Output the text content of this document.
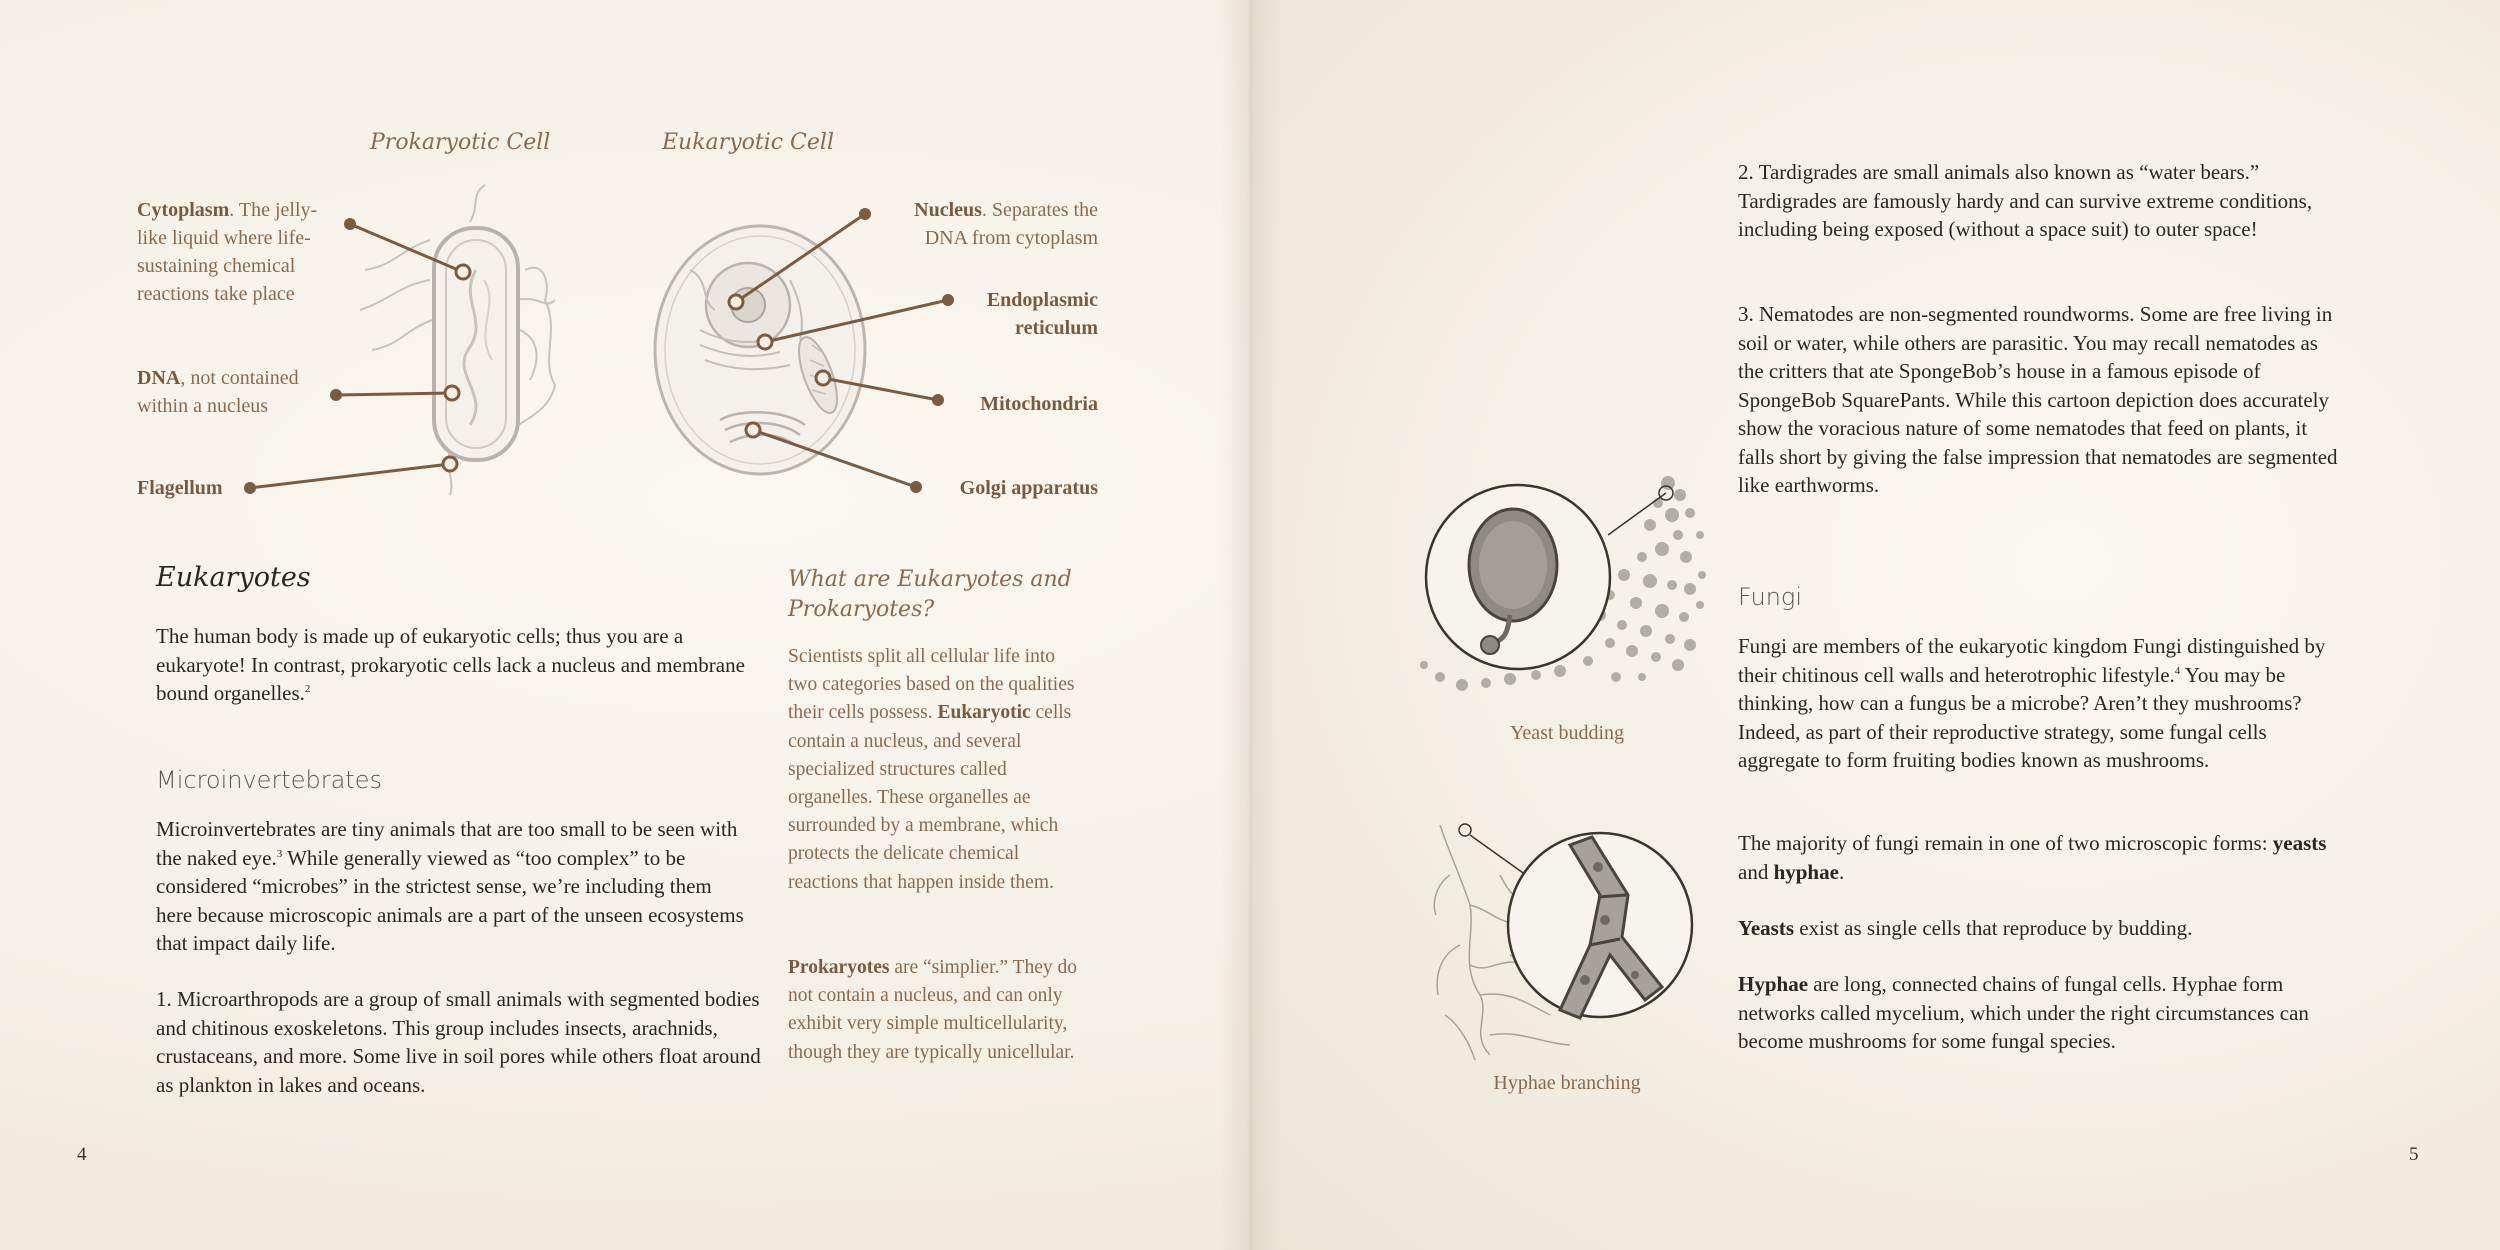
Prokaryotic Cell	Eukaryotic Cell
Cytoplasm. The jelly-like liquid where life-sustaining chemical reactions take place
DNA, not contained within a nucleus
Flagellum
Nucleus. Separates the DNA from cytoplasm
Endoplasmic
reticulum
Mitochondria
Golgi apparatus
Eukaryotes

The human body is made up of eukaryotic cells; thus you are a eukaryote! In contrast, prokaryotic cells lack a nucleus and membrane bound organelles.$^2$

Microinvertebrates

Microinvertebrates are tiny animals that are too small to be seen with the naked eye.$^3$ While generally viewed as “too complex” to be considered “microbes” in the strictest sense, we’re including them here because microscopic animals are a part of the unseen ecosystems that impact daily life.

1. Microarthropods are a group of small animals with segmented bodies and chitinous exoskeletons. This group includes insects, arachnids, crustaceans, and more. Some live in soil pores while others float around as plankton in lakes and oceans.

What are Eukaryotes and Prokaryotes?

Scientists split all cellular life into two categories based on the qualities their cells possess. Eukaryotic cells contain a nucleus, and several specialized structures called organelles. These organelles ae surrounded by a membrane, which protects the delicate chemical reactions that happen inside them.

Prokaryotes are “simplier.” They do not contain a nucleus, and can only exhibit very simple multicellularity, though they are typically unicellular.

4
Yeast budding
Hyphae branching

2. Tardigrades are small animals also known as “water bears.” Tardigrades are famously hardy and can survive extreme conditions, including being exposed (without a space suit) to outer space!

3. Nematodes are non-segmented roundworms. Some are free living in soil or water, while others are parasitic. You may recall nematodes as the critters that ate SpongeBob’s house in a famous episode of SpongeBob SquarePants. While this cartoon depiction does accurately show the voracious nature of some nematodes that feed on plants, it falls short by giving the false impression that nematodes are segmented like earthworms.

Fungi

Fungi are members of the eukaryotic kingdom Fungi distinguished by their chitinous cell walls and heterotrophic lifestyle.$^4$ You may be thinking, how can a fungus be a microbe? Aren’t they mushrooms? Indeed, as part of their reproductive strategy, some fungal cells aggregate to form fruiting bodies known as mushrooms.

The majority of fungi remain in one of two microscopic forms: yeasts and hyphae.

Yeasts exist as single cells that reproduce by budding.

Hyphae are long, connected chains of fungal cells. Hyphae form networks called mycelium, which under the right circumstances can become mushrooms for some fungal species.

5
